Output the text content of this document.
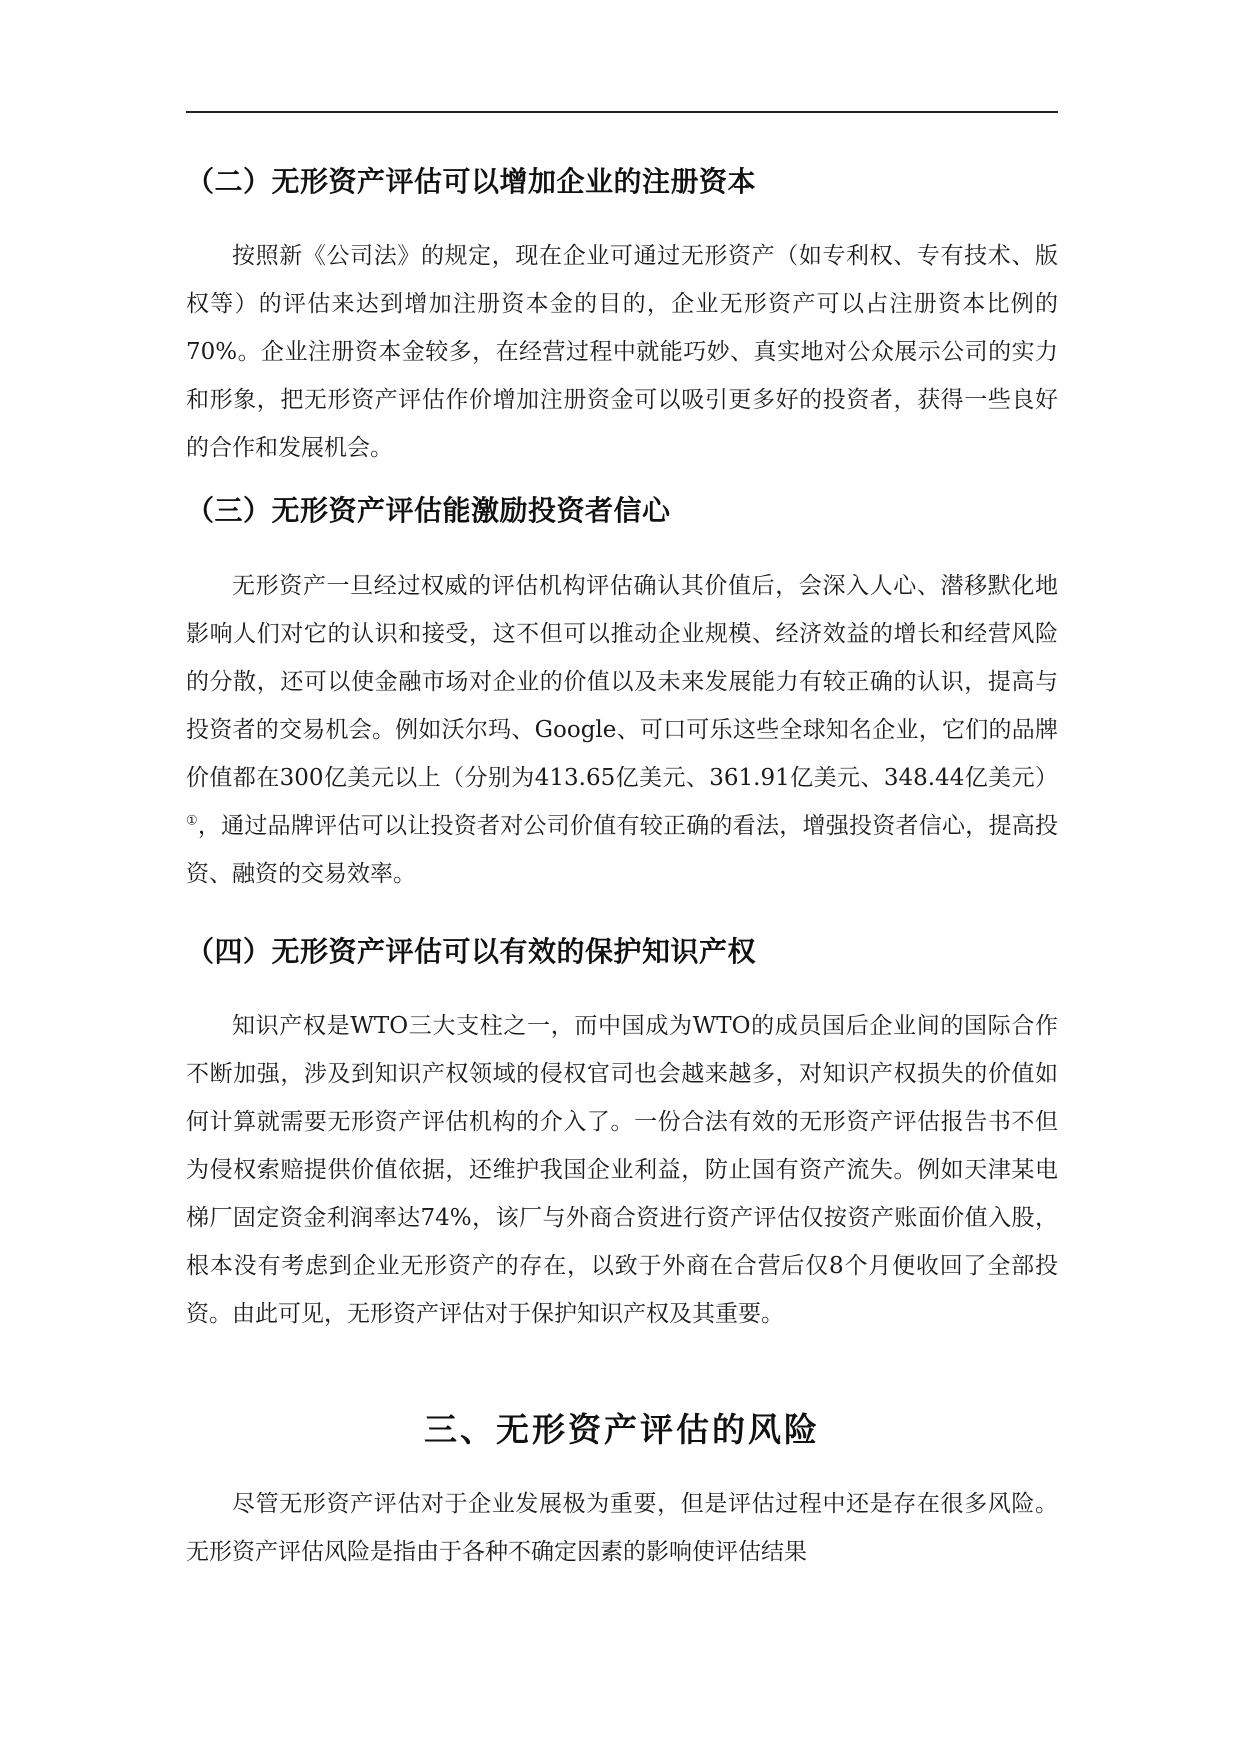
（二）无形资产评估可以增加企业的注册资本

按照新《公司法》的规定，现在企业可通过无形资产（如专利权、专有技术、版权等）的评估来达到增加注册资本金的目的，企业无形资产可以占注册资本比例的70%。企业注册资本金较多，在经营过程中就能巧妙、真实地对公众展示公司的实力和形象，把无形资产评估作价增加注册资金可以吸引更多好的投资者，获得一些良好的合作和发展机会。

（三）无形资产评估能激励投资者信心

无形资产一旦经过权威的评估机构评估确认其价值后，会深入人心、潜移默化地影响人们对它的认识和接受，这不但可以推动企业规模、经济效益的增长和经营风险的分散，还可以使金融市场对企业的价值以及未来发展能力有较正确的认识，提高与投资者的交易机会。例如沃尔玛、Google、可口可乐这些全球知名企业，它们的品牌价值都在300亿美元以上（分别为413.65亿美元、361.91亿美元、348.44亿美元）①，通过品牌评估可以让投资者对公司价值有较正确的看法，增强投资者信心，提高投资、融资的交易效率。

（四）无形资产评估可以有效的保护知识产权

知识产权是WTO三大支柱之一，而中国成为WTO的成员国后企业间的国际合作不断加强，涉及到知识产权领域的侵权官司也会越来越多，对知识产权损失的价值如何计算就需要无形资产评估机构的介入了。一份合法有效的无形资产评估报告书不但为侵权索赔提供价值依据，还维护我国企业利益，防止国有资产流失。例如天津某电梯厂固定资金利润率达74%，该厂与外商合资进行资产评估仅按资产账面价值入股，根本没有考虑到企业无形资产的存在，以致于外商在合营后仅8个月便收回了全部投资。由此可见，无形资产评估对于保护知识产权及其重要。

三、无形资产评估的风险

尽管无形资产评估对于企业发展极为重要，但是评估过程中还是存在很多风险。无形资产评估风险是指由于各种不确定因素的影响使评估结果
